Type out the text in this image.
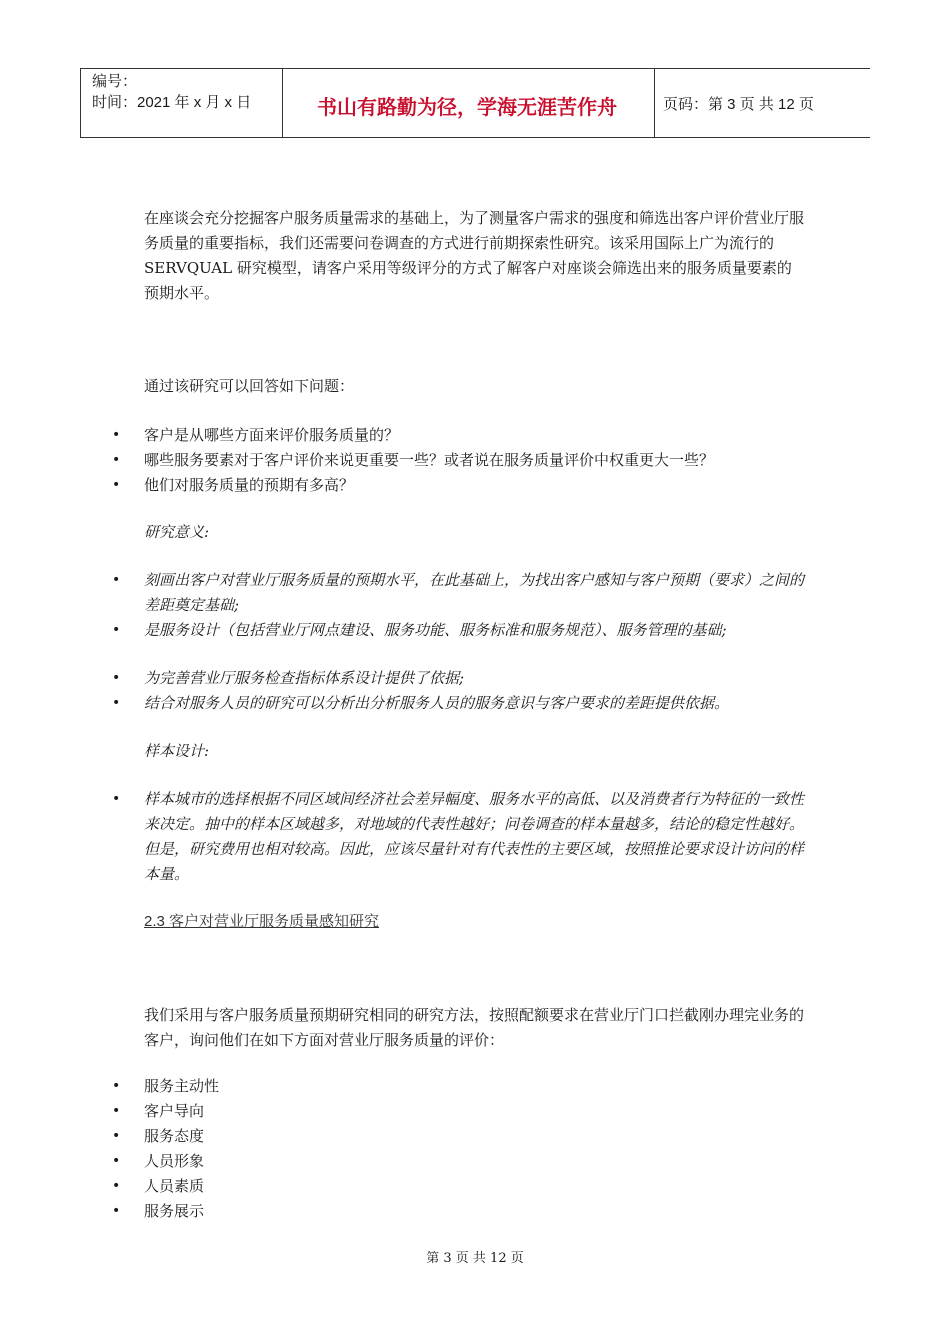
编号：
时间：2021 年 x 月 x 日	书山有路勤为径，学海无涯苦作舟	页码：第 3 页 共 12 页
在座谈会充分挖掘客户服务质量需求的基础上，为了测量客户需求的强度和筛选出客户评价营业厅服务质量的重要指标，我们还需要问卷调查的方式进行前期探索性研究。该采用国际上广为流行的 SERVQUAL 研究模型，请客户采用等级评分的方式了解客户对座谈会筛选出来的服务质量要素的预期水平。
通过该研究可以回答如下问题：
• 客户是从哪些方面来评价服务质量的？
• 哪些服务要素对于客户评价来说更重要一些？或者说在服务质量评价中权重更大一些？
• 他们对服务质量的预期有多高？
研究意义:
• 刻画出客户对营业厅服务质量的预期水平，在此基础上，为找出客户感知与客户预期（要求）之间的差距奠定基础;
• 是服务设计（包括营业厅网点建设、服务功能、服务标准和服务规范）、服务管理的基础;
• 为完善营业厅服务检查指标体系设计提供了依据;
• 结合对服务人员的研究可以分析出分析服务人员的服务意识与客户要求的差距提供依据。
样本设计:
• 样本城市的选择根据不同区域间经济社会差异幅度、服务水平的高低、以及消费者行为特征的一致性来决定。抽中的样本区域越多，对地域的代表性越好；问卷调查的样本量越多，结论的稳定性越好。但是，研究费用也相对较高。因此，应该尽量针对有代表性的主要区域，按照推论要求设计访问的样本量。
2.3 客户对营业厅服务质量感知研究
我们采用与客户服务质量预期研究相同的研究方法，按照配额要求在营业厅门口拦截刚办理完业务的客户，询问他们在如下方面对营业厅服务质量的评价：
• 服务主动性
• 客户导向
• 服务态度
• 人员形象
• 人员素质
• 服务展示
第 3 页 共 12 页
